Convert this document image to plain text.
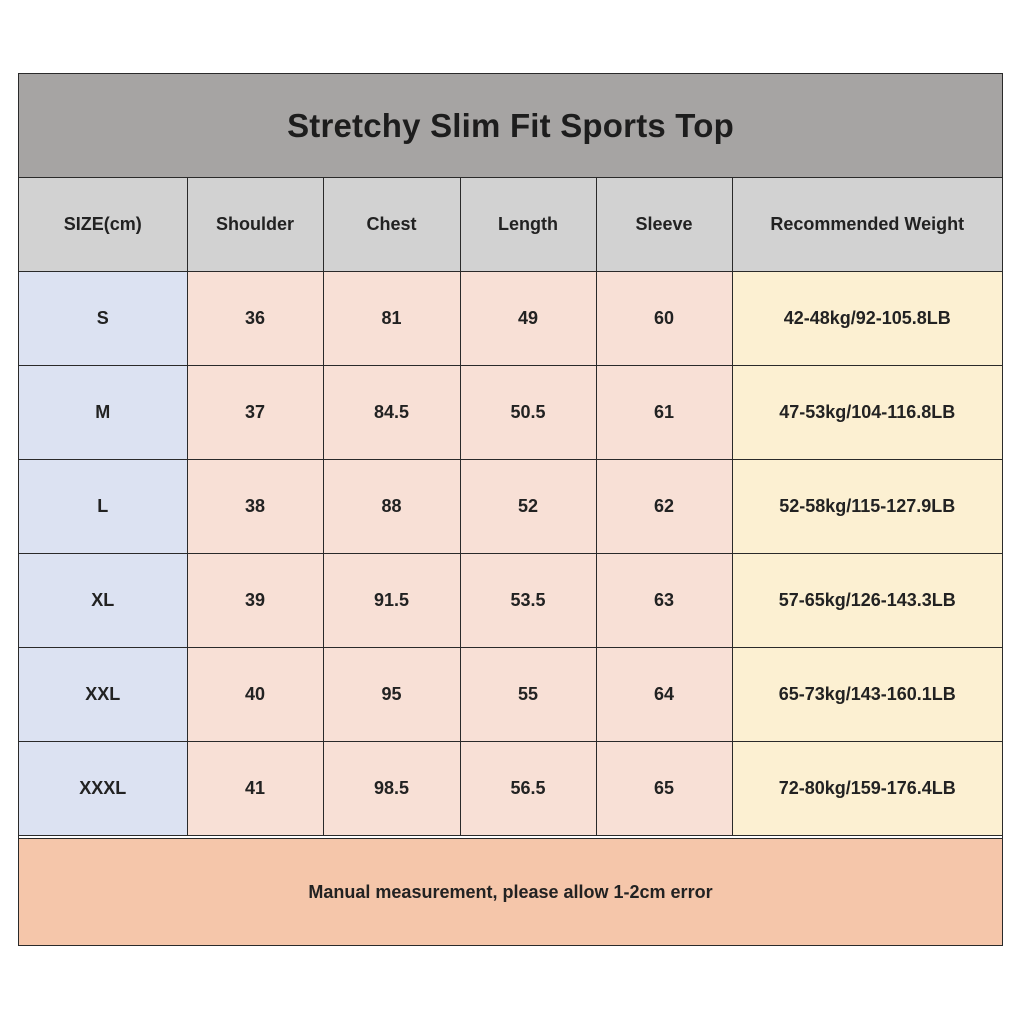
Stretchy Slim Fit Sports Top
SIZE(cm)	Shoulder	Chest	Length	Sleeve	Recommended Weight
S	36	81	49	60	42-48kg/92-105.8LB
M	37	84.5	50.5	61	47-53kg/104-116.8LB
L	38	88	52	62	52-58kg/115-127.9LB
XL	39	91.5	53.5	63	57-65kg/126-143.3LB
XXL	40	95	55	64	65-73kg/143-160.1LB
XXXL	41	98.5	56.5	65	72-80kg/159-176.4LB
Manual measurement, please allow 1-2cm error
